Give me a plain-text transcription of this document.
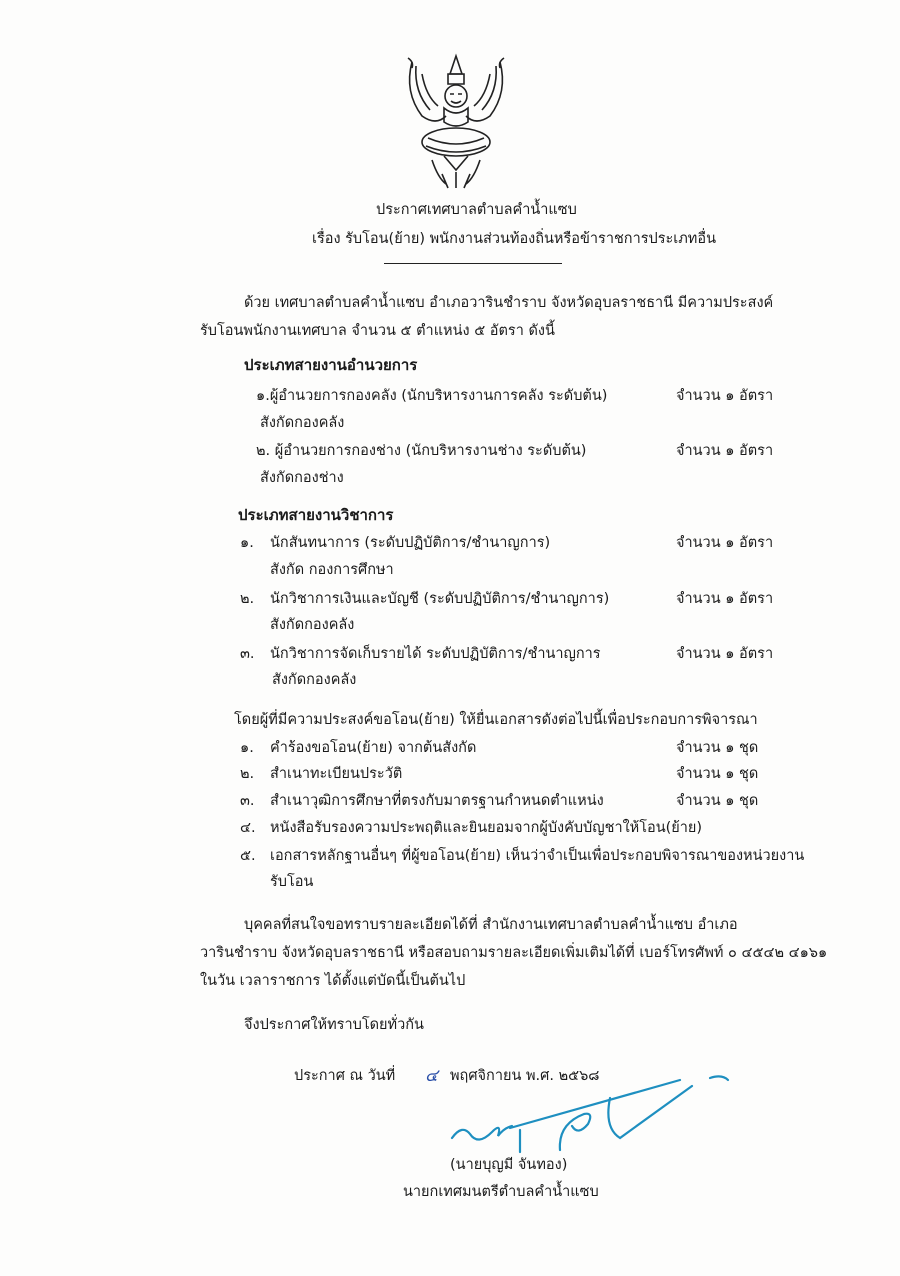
ประกาศเทศบาลตำบลคำน้ำแซบ
เรื่อง รับโอน(ย้าย) พนักงานส่วนท้องถิ่นหรือข้าราชการประเภทอื่น
ด้วย เทศบาลตำบลคำน้ำแซบ อำเภอวารินชำราบ จังหวัดอุบลราชธานี มีความประสงค์
รับโอนพนักงานเทศบาล จำนวน ๕ ตำแหน่ง ๕ อัตรา ดังนี้
ประเภทสายงานอำนวยการ
๑.ผู้อำนวยการกองคลัง (นักบริหารงานการคลัง ระดับต้น)	จำนวน ๑ อัตรา
สังกัดกองคลัง
๒. ผู้อำนวยการกองช่าง (นักบริหารงานช่าง ระดับต้น)	จำนวน ๑ อัตรา
สังกัดกองช่าง
ประเภทสายงานวิชาการ
๑. นักสันทนาการ (ระดับปฏิบัติการ/ชำนาญการ)	จำนวน ๑ อัตรา
สังกัด กองการศึกษา
๒. นักวิชาการเงินและบัญชี (ระดับปฏิบัติการ/ชำนาญการ)	จำนวน ๑ อัตรา
สังกัดกองคลัง
๓. นักวิชาการจัดเก็บรายได้ ระดับปฏิบัติการ/ชำนาญการ	จำนวน ๑ อัตรา
สังกัดกองคลัง
โดยผู้ที่มีความประสงค์ขอโอน(ย้าย) ให้ยื่นเอกสารดังต่อไปนี้เพื่อประกอบการพิจารณา
๑. คำร้องขอโอน(ย้าย) จากต้นสังกัด	จำนวน ๑ ชุด
๒. สำเนาทะเบียนประวัติ	จำนวน ๑ ชุด
๓. สำเนาวุฒิการศึกษาที่ตรงกับมาตรฐานกำหนดตำแหน่ง	จำนวน ๑ ชุด
๔. หนังสือรับรองความประพฤติและยินยอมจากผู้บังคับบัญชาให้โอน(ย้าย)
๕. เอกสารหลักฐานอื่นๆ ที่ผู้ขอโอน(ย้าย) เห็นว่าจำเป็นเพื่อประกอบพิจารณาของหน่วยงาน
รับโอน
บุคคลที่สนใจขอทราบรายละเอียดได้ที่ สำนักงานเทศบาลตำบลคำน้ำแซบ อำเภอ
วารินชำราบ จังหวัดอุบลราชธานี หรือสอบถามรายละเอียดเพิ่มเติมได้ที่ เบอร์โทรศัพท์ ๐ ๔๕๔๒ ๔๑๖๑
ในวัน เวลาราชการ ได้ตั้งแต่บัดนี้เป็นต้นไป
จึงประกาศให้ทราบโดยทั่วกัน
ประกาศ ณ วันที่ ๔ พฤศจิกายน พ.ศ. ๒๕๖๘
(นายบุญมี จันทอง)
นายกเทศมนตรีตำบลคำน้ำแซบ
